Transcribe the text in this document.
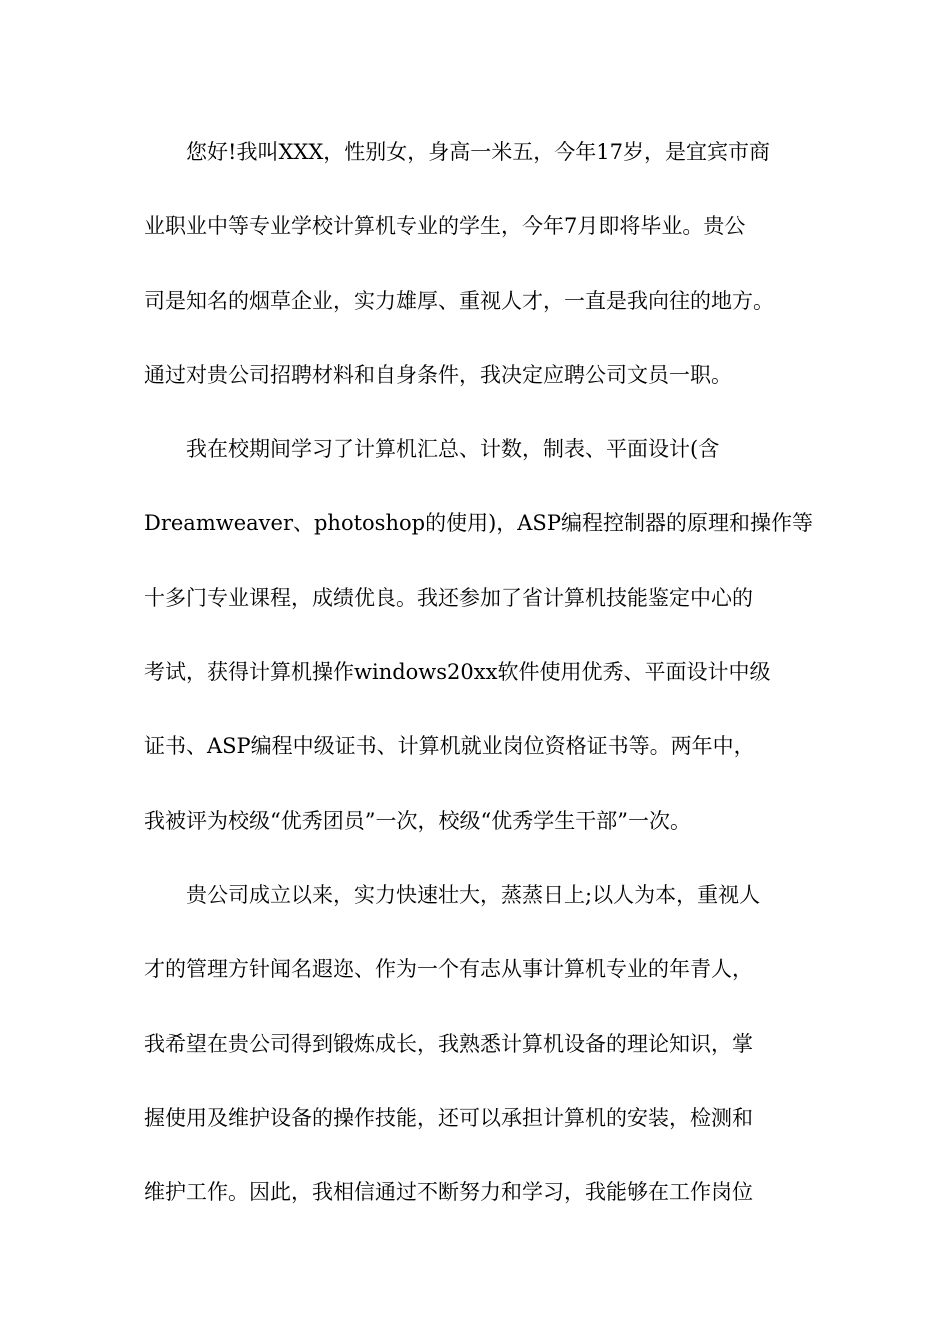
　　您好!我叫XXX，性别女，身高一米五，今年17岁，是宜宾市商
业职业中等专业学校计算机专业的学生，今年7月即将毕业。贵公
司是知名的烟草企业，实力雄厚、重视人才，一直是我向往的地方。
通过对贵公司招聘材料和自身条件，我决定应聘公司文员一职。
　　我在校期间学习了计算机汇总、计数，制表、平面设计(含
Dreamweaver、photoshop的使用)，ASP编程控制器的原理和操作等
十多门专业课程，成绩优良。我还参加了省计算机技能鉴定中心的
考试，获得计算机操作windows20xx软件使用优秀、平面设计中级
证书、ASP编程中级证书、计算机就业岗位资格证书等。两年中，
我被评为校级“优秀团员”一次，校级“优秀学生干部”一次。
　　贵公司成立以来，实力快速壮大，蒸蒸日上;以人为本，重视人
才的管理方针闻名遐迩、作为一个有志从事计算机专业的年青人，
我希望在贵公司得到锻炼成长，我熟悉计算机设备的理论知识，掌
握使用及维护设备的操作技能，还可以承担计算机的安装，检测和
维护工作。因此，我相信通过不断努力和学习，我能够在工作岗位
